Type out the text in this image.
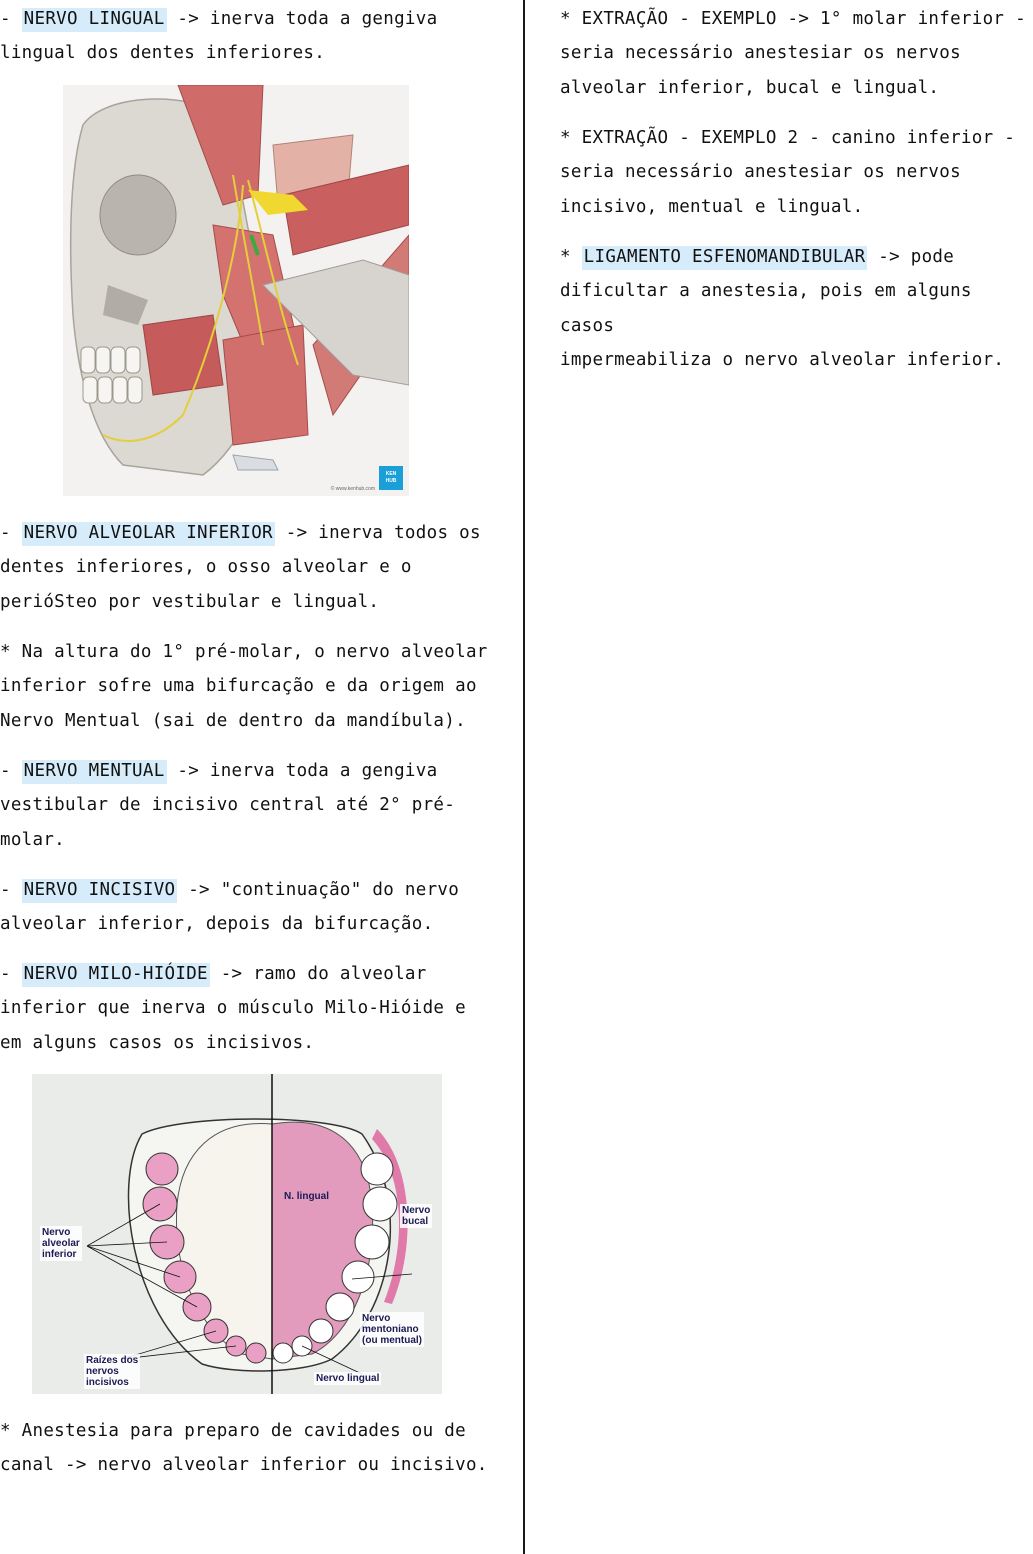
- NERVO LINGUAL -> inerva toda a gengiva
lingual dos dentes inferiores.

© www.kenhub.com
KEN
HUB

- NERVO ALVEOLAR INFERIOR -> inerva todos os
dentes inferiores, o osso alveolar e o
perióSteo por vestibular e lingual.

* Na altura do 1° pré-molar, o nervo alveolar
inferior sofre uma bifurcação e da origem ao
Nervo Mentual (sai de dentro da mandíbula).

- NERVO MENTUAL -> inerva toda a gengiva
vestibular de incisivo central até 2° pré-
molar.

- NERVO INCISIVO -> "continuação" do nervo
alveolar inferior, depois da bifurcação.

- NERVO MILO-HIÓIDE -> ramo do alveolar
inferior que inerva o músculo Milo-Hióide e
em alguns casos os incisivos.

Nervo
alveolar
inferior
N. lingual
Nervo
bucal
Nervo
mentoniano
(ou mentual)
Raízes dos
nervos
incisivos	Nervo lingual

* Anestesia para preparo de cavidades ou de
canal -> nervo alveolar inferior ou incisivo.

* EXTRAÇÃO - EXEMPLO -> 1° molar inferior -
seria necessário anestesiar os nervos
alveolar inferior, bucal e lingual.

* EXTRAÇÃO - EXEMPLO 2 - canino inferior -
seria necessário anestesiar os nervos
incisivo, mentual e lingual.

* LIGAMENTO ESFENOMANDIBULAR -> pode
dificultar a anestesia, pois em alguns casos
impermeabiliza o nervo alveolar inferior.
